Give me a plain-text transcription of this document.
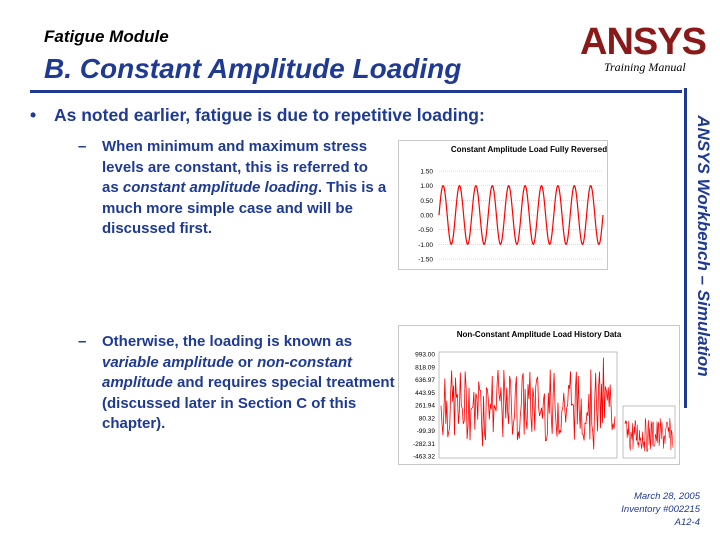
Fatigue Module
B. Constant Amplitude Loading
ANSYS
Training Manual
ANSYS Workbench – Simulation
• As noted earlier, fatigue is due to repetitive loading:
– When minimum and maximum stress levels are constant, this is referred to as constant amplitude loading. This is a much more simple case and will be discussed first.
– Otherwise, the loading is known as variable amplitude or non-constant amplitude and requires special treatment (discussed later in Section C of this chapter).
Constant Amplitude Load Fully Reversed
1.50
1.00
0.50
0.00
-0.50
-1.00
-1.50
Non-Constant Amplitude Load History Data
993.00
818.09
636.97
443.95
261.94
80.32
-99.39
-282.31
-463.32
March 28, 2005
Inventory #002215
A12-4
